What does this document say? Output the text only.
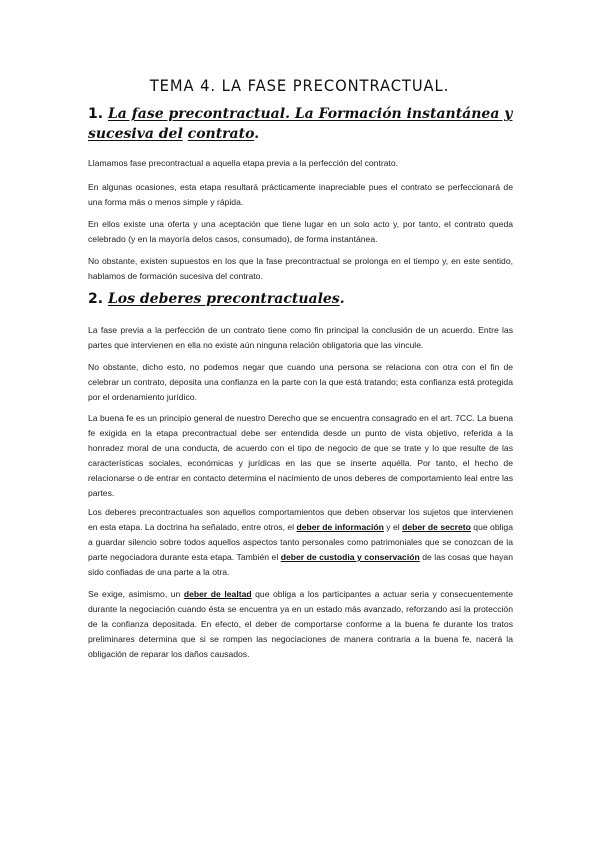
TEMA 4. LA FASE PRECONTRACTUAL.
1. La fase precontractual. La Formación instantánea y sucesiva del contrato.

Llamamos fase precontractual a aquella etapa previa a la perfección del contrato.

En algunas ocasiones, esta etapa resultará prácticamente inapreciable pues el contrato se perfeccionará de una forma más o menos simple y rápida.

En ellos existe una oferta y una aceptación que tiene lugar en un solo acto y, por tanto, el contrato queda celebrado (y en la mayoría delos casos, consumado), de forma instantánea.

No obstante, existen supuestos en los que la fase precontractual se prolonga en el tiempo y, en este sentido, hablamos de formación sucesiva del contrato.

2. Los deberes precontractuales.

La fase previa a la perfección de un contrato tiene como fin principal la conclusión de un acuerdo. Entre las partes que intervienen en ella no existe aún ninguna relación obligatoria que las vincule.

No obstante, dicho esto, no podemos negar que cuando una persona se relaciona con otra con el fin de celebrar un contrato, deposita una confianza en la parte con la que está tratando; esta confianza está protegida por el ordenamiento jurídico.

La buena fe es un principio general de nuestro Derecho que se encuentra consagrado en el art. 7CC. La buena fe exigida en la etapa precontractual debe ser entendida desde un punto de vista objetivo, referida a la honradez moral de una conducta, de acuerdo con el tipo de negocio de que se trate y lo que resulte de las características sociales, económicas y jurídicas en las que se inserte aquélla. Por tanto, el hecho de relacionarse o de entrar en contacto determina el nacimiento de unos deberes de comportamiento leal entre las partes.

Los deberes precontractuales son aquellos comportamientos que deben observar los sujetos que intervienen en esta etapa. La doctrina ha señalado, entre otros, el deber de información y el deber de secreto que obliga a guardar silencio sobre todos aquellos aspectos tanto personales como patrimoniales que se conozcan de la parte negociadora durante esta etapa. También el deber de custodia y conservación de las cosas que hayan sido confiadas de una parte a la otra.

Se exige, asimismo, un deber de lealtad que obliga a los participantes a actuar seria y consecuentemente durante la negociación cuando ésta se encuentra ya en un estado más avanzado, reforzando así la protección de la confianza depositada. En efecto, el deber de comportarse conforme a la buena fe durante los tratos preliminares determina que si se rompen las negociaciones de manera contraria a la buena fe, nacerá la obligación de reparar los daños causados.
